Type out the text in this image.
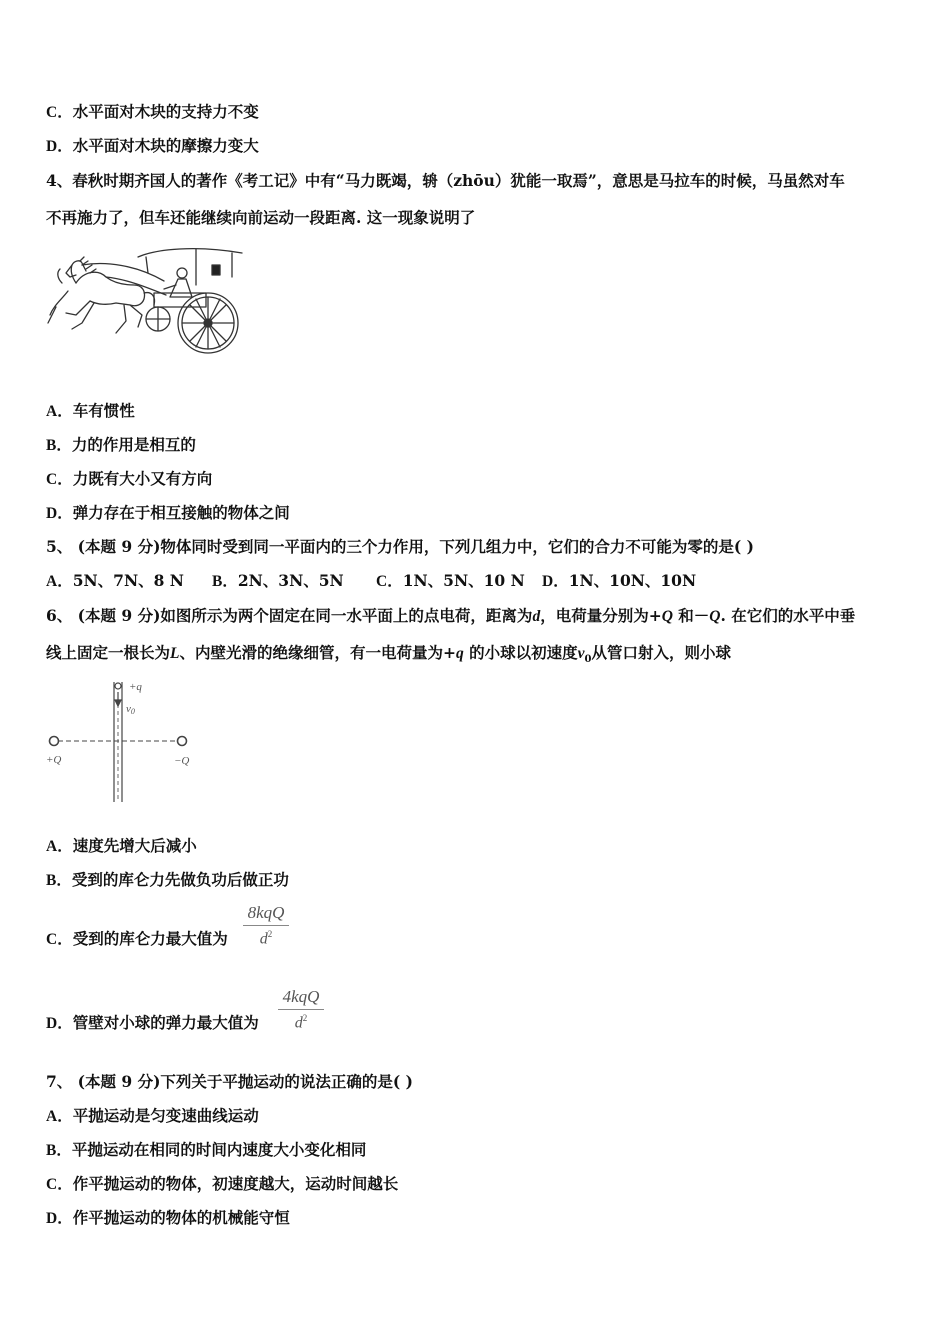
C．水平面对木块的支持力不变
D．水平面对木块的摩擦力变大
4、春秋时期齐国人的著作《考工记》中有“马力既竭，辀（zhōu）犹能一取焉”，意思是马拉车的时候，马虽然对车
不再施力了，但车还能继续向前运动一段距离. 这一现象说明了
A．车有惯性
B．力的作用是相互的
C．力既有大小又有方向
D．弹力存在于相互接触的物体之间
5、 (本题 9 分)物体同时受到同一平面内的三个力作用，下列几组力中，它们的合力不可能为零的是( )
A．5N、7N、8 N B．2N、3N、5N C．1N、5N、10 N D．1N、10N、10N
6、 (本题 9 分)如图所示为两个固定在同一水平面上的点电荷，距离为d，电荷量分别为+Q 和－Q. 在它们的水平中垂
线上固定一根长为L、内壁光滑的绝缘细管，有一电荷量为+q 的小球以初速度$v_0$从管口射入，则小球
+q
v0
+Q	−Q
A．速度先增大后减小
B．受到的库仑力先做负功后做正功
C．受到的库仑力最大值为
8kqQ
$d^2$
D．管壁对小球的弹力最大值为
4kqQ
$d^2$
7、 (本题 9 分)下列关于平抛运动的说法正确的是( )
A．平抛运动是匀变速曲线运动
B．平抛运动在相同的时间内速度大小变化相同
C．作平抛运动的物体，初速度越大，运动时间越长
D．作平抛运动的物体的机械能守恒
